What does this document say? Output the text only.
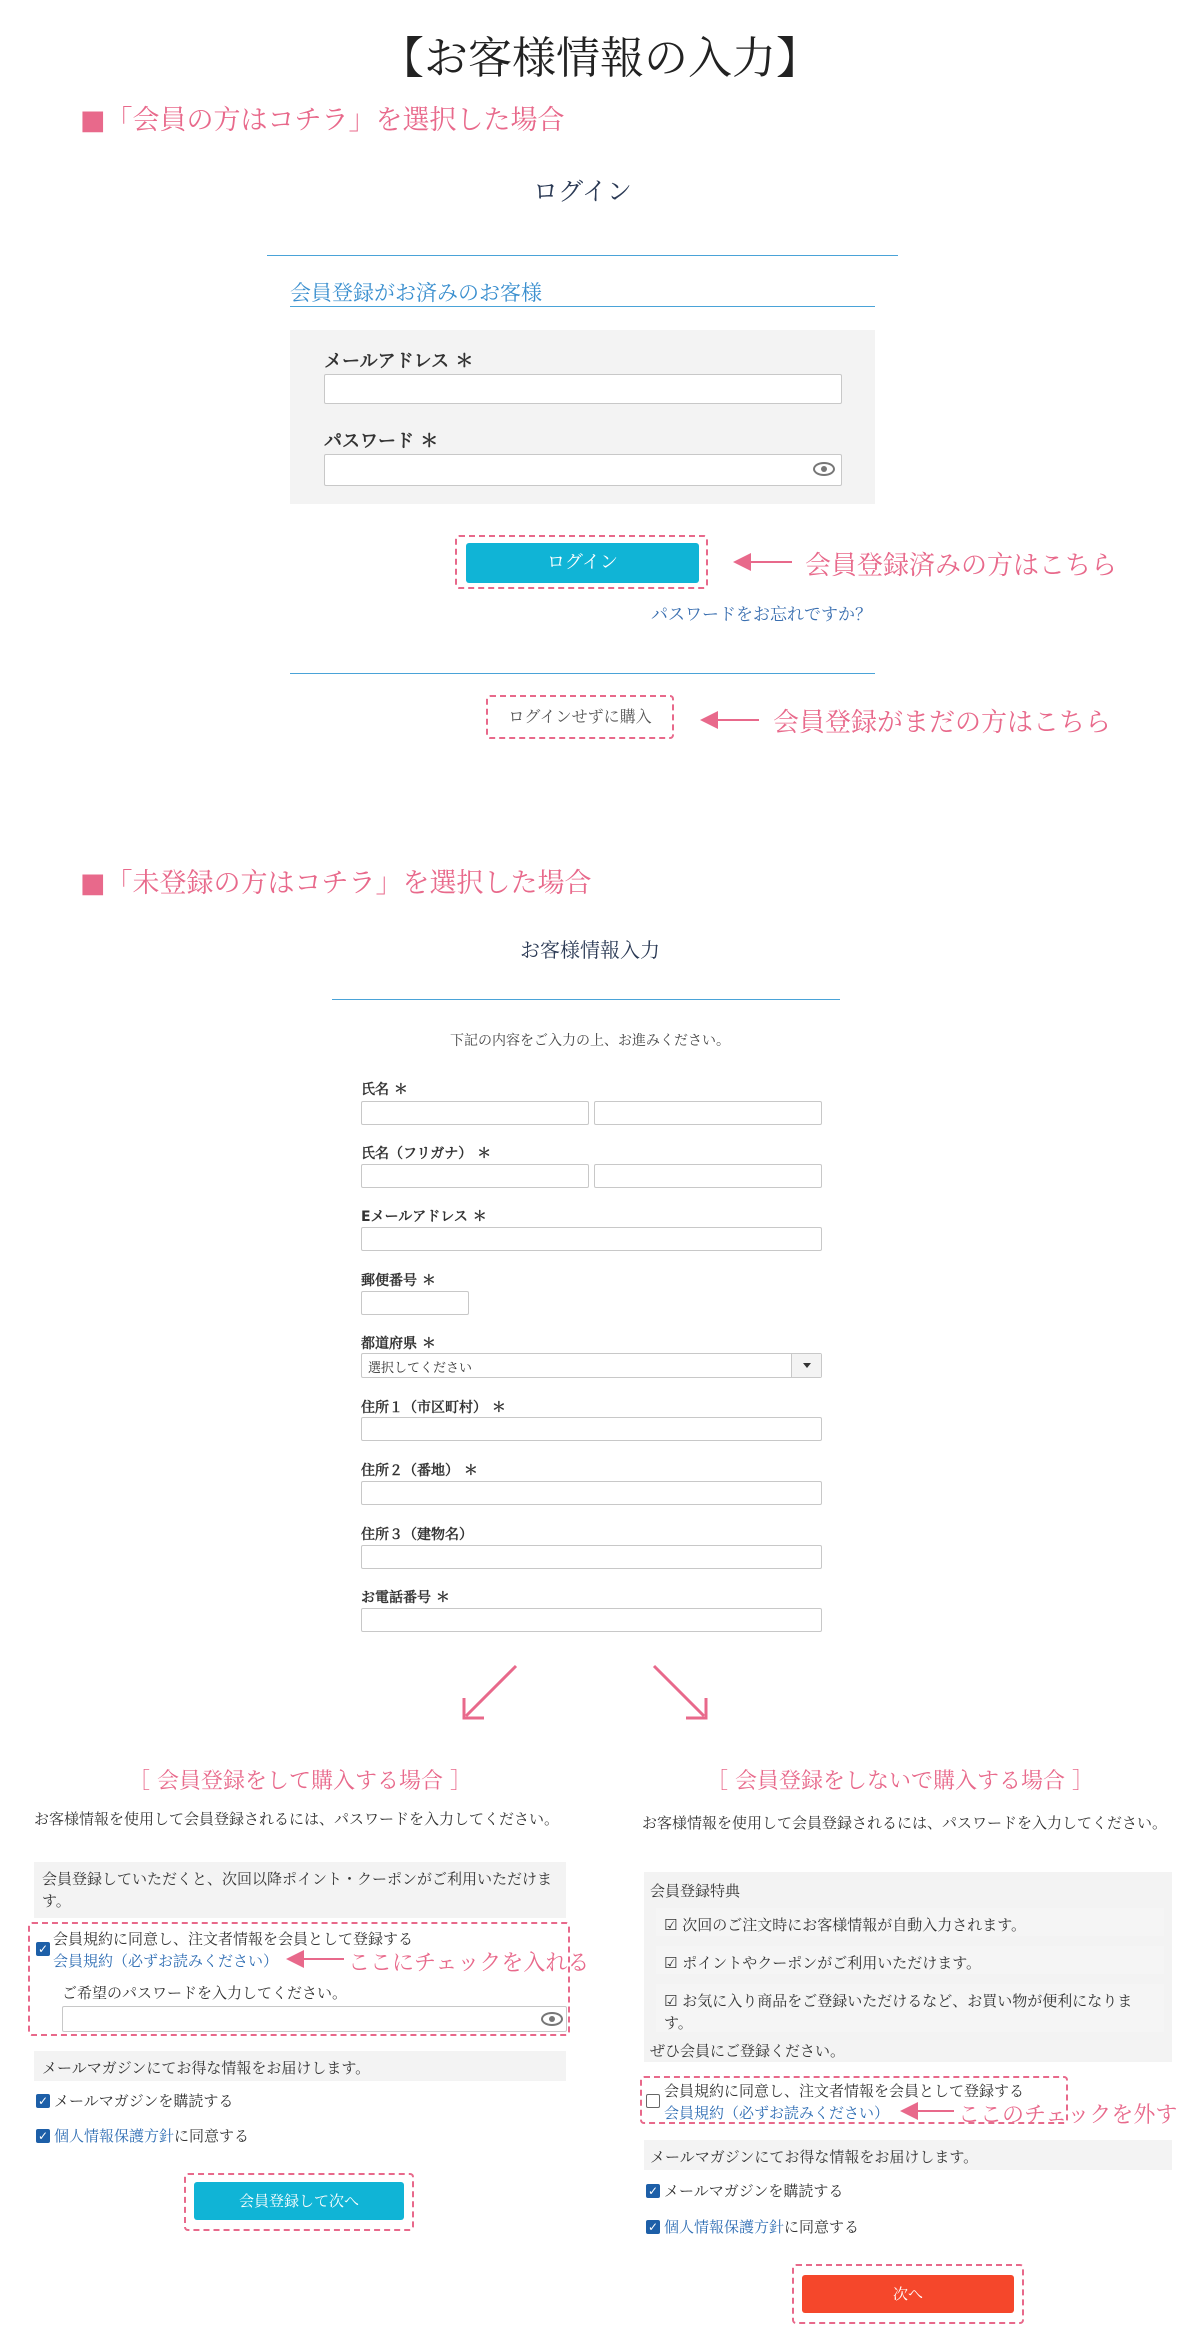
【お客様情報の入力】
■「会員の方はコチラ」を選択した場合
ログイン
会員登録がお済みのお客様
メールアドレス ＊
パスワード ＊
ログイン	会員登録済みの方はこちら
パスワードをお忘れですか？
ログインせずに購入	会員登録がまだの方はこちら
■「未登録の方はコチラ」を選択した場合
お客様情報入力
下記の内容をご入力の上、お進みください。
氏名 ＊
氏名（フリガナ） ＊
Eメールアドレス ＊
郵便番号 ＊
都道府県 ＊
選択してください
住所１（市区町村） ＊
住所２（番地） ＊
住所３（建物名）
お電話番号 ＊
［ 会員登録をして購入する場合 ］
お客様情報を使用して会員登録されるには、パスワードを入力してください。
会員登録していただくと、次回以降ポイント・クーポンがご利用いただけます。
✓
会員規約に同意し、注文者情報を会員として登録する
会員規約（必ずお読みください）	ここにチェックを入れる
ご希望のパスワードを入力してください。
メールマガジンにてお得な情報をお届けします。
✓ メールマガジンを購読する
✓ 個人情報保護方針に同意する
会員登録して次へ
［ 会員登録をしないで購入する場合 ］
お客様情報を使用して会員登録されるには、パスワードを入力してください。
会員登録特典
☑ 次回のご注文時にお客様情報が自動入力されます。
☑ ポイントやクーポンがご利用いただけます。
☑ お気に入り商品をご登録いただけるなど、お買い物が便利になります。
ぜひ会員にご登録ください。
会員規約に同意し、注文者情報を会員として登録する
会員規約（必ずお読みください）	ここのチェックを外す
メールマガジンにてお得な情報をお届けします。
✓ メールマガジンを購読する
✓ 個人情報保護方針に同意する
次へ
